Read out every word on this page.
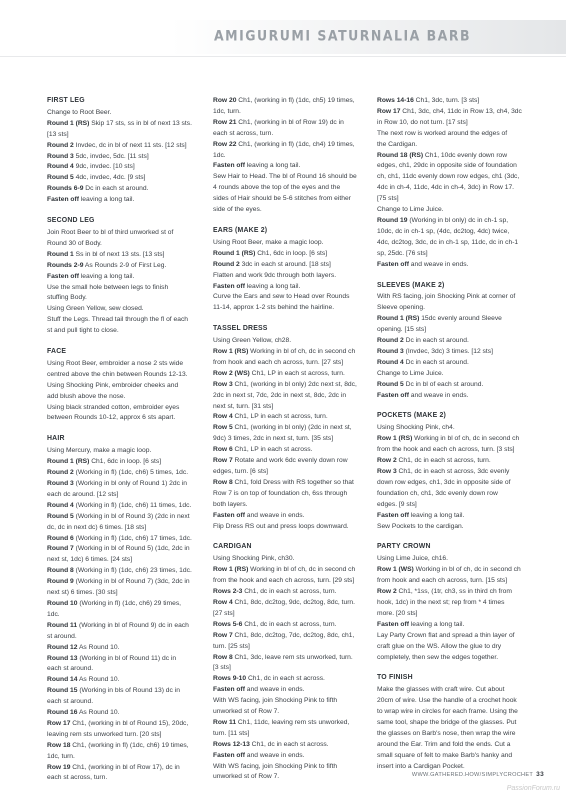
AMIGURUMI SATURNALIA BARB
FIRST LEG
Change to Root Beer.
Round 1 (RS) Skip 17 sts, ss in bl of next 13 sts.
[13 sts]
Round 2 Invdec, dc in bl of next 11 sts. [12 sts]
Round 3 5dc, invdec, 5dc. [11 sts]
Round 4 9dc, invdec. [10 sts]
Round 5 4dc, invdec, 4dc. [9 sts]
Rounds 6-9 Dc in each st around.
Fasten off leaving a long tail.
SECOND LEG
Join Root Beer to bl of third unworked st of
Round 30 of Body.
Round 1 Ss in bl of next 13 sts. [13 sts]
Rounds 2-9 As Rounds 2-9 of First Leg.
Fasten off leaving a long tail.
Use the small hole between legs to finish
stuffing Body.
Using Green Yellow, sew closed.
Stuff the Legs. Thread tail through the fl of each
st and pull tight to close.
FACE
Using Root Beer, embroider a nose 2 sts wide
centred above the chin between Rounds 12-13.
Using Shocking Pink, embroider cheeks and
add blush above the nose.
Using black stranded cotton, embroider eyes
between Rounds 10-12, approx 6 sts apart.
HAIR
Using Mercury, make a magic loop.
Round 1 (RS) Ch1, 6dc in loop. [6 sts]
Round 2 (Working in fl) (1dc, ch6) 5 times, 1dc.
Round 3 (Working in bl only of Round 1) 2dc in
each dc around. [12 sts]
Round 4 (Working in fl) (1dc, ch6) 11 times, 1dc.
Round 5 (Working in bl of Round 3) (2dc in next
dc, dc in next dc) 6 times. [18 sts]
Round 6 (Working in fl) (1dc, ch6) 17 times, 1dc.
Round 7 (Working in bl of Round 5) (1dc, 2dc in
next st, 1dc) 6 times. [24 sts]
Round 8 (Working in fl) (1dc, ch6) 23 times, 1dc.
Round 9 (Working in bl of Round 7) (3dc, 2dc in
next st) 6 times. [30 sts]
Round 10 (Working in fl) (1dc, ch6) 29 times,
1dc.
Round 11 (Working in bl of Round 9) dc in each
st around.
Round 12 As Round 10.
Round 13 (Working in bl of Round 11) dc in
each st around.
Round 14 As Round 10.
Round 15 (Working in bls of Round 13) dc in
each st around.
Round 16 As Round 10.
Row 17 Ch1, (working in bl of Round 15), 20dc,
leaving rem sts unworked turn. [20 sts]
Row 18 Ch1, (working in fl) (1dc, ch6) 19 times,
1dc, turn.
Row 19 Ch1, (working in bl of Row 17), dc in
each st across, turn.
Row 20 Ch1, (working in fl) (1dc, ch5) 19 times,
1dc, turn.
Row 21 Ch1, (working in bl of Row 19) dc in
each st across, turn.
Row 22 Ch1, (working in fl) (1dc, ch4) 19 times,
1dc.
Fasten off leaving a long tail.
Sew Hair to Head. The bl of Round 16 should be
4 rounds above the top of the eyes and the
sides of Hair should be 5-6 stitches from either
side of the eyes.
EARS (MAKE 2)
Using Root Beer, make a magic loop.
Round 1 (RS) Ch1, 6dc in loop. [6 sts]
Round 2 3dc in each st around. [18 sts]
Flatten and work 9dc through both layers.
Fasten off leaving a long tail.
Curve the Ears and sew to Head over Rounds
11-14, approx 1-2 sts behind the hairline.
TASSEL DRESS
Using Green Yellow, ch28.
Row 1 (RS) Working in bl of ch, dc in second ch
from hook and each ch across, turn. [27 sts]
Row 2 (WS) Ch1, LP in each st across, turn.
Row 3 Ch1, (working in bl only) 2dc next st, 8dc,
2dc in next st, 7dc, 2dc in next st, 8dc, 2dc in
next st, turn. [31 sts]
Row 4 Ch1, LP in each st across, turn.
Row 5 Ch1, (working in bl only) (2dc in next st,
9dc) 3 times, 2dc in next st, turn. [35 sts]
Row 6 Ch1, LP in each st across.
Row 7 Rotate and work 6dc evenly down row
edges, turn. [6 sts]
Row 8 Ch1, fold Dress with RS together so that
Row 7 is on top of foundation ch, 6ss through
both layers.
Fasten off and weave in ends.
Flip Dress RS out and press loops downward.
CARDIGAN
Using Shocking Pink, ch30.
Row 1 (RS) Working in bl of ch, dc in second ch
from the hook and each ch across, turn. [29 sts]
Rows 2-3 Ch1, dc in each st across, turn.
Row 4 Ch1, 8dc, dc2tog, 9dc, dc2tog, 8dc, turn.
[27 sts]
Rows 5-6 Ch1, dc in each st across, turn.
Row 7 Ch1, 8dc, dc2tog, 7dc, dc2tog, 8dc, ch1,
turn. [25 sts]
Row 8 Ch1, 3dc, leave rem sts unworked, turn.
[3 sts]
Rows 9-10 Ch1, dc in each st across.
Fasten off and weave in ends.
With WS facing, join Shocking Pink to fifth
unworked st of Row 7.
Row 11 Ch1, 11dc, leaving rem sts unworked,
turn. [11 sts]
Rows 12-13 Ch1, dc in each st across.
Fasten off and weave in ends.
With WS facing, join Shocking Pink to fifth
unworked st of Row 7.
Rows 14-16 Ch1, 3dc, turn. [3 sts]
Row 17 Ch1, 3dc, ch4, 11dc in Row 13, ch4, 3dc
in Row 10, do not turn. [17 sts]
The next row is worked around the edges of
the Cardigan.
Round 18 (RS) Ch1, 10dc evenly down row
edges, ch1, 29dc in opposite side of foundation
ch, ch1, 11dc evenly down row edges, ch1 (3dc,
4dc in ch-4, 11dc, 4dc in ch-4, 3dc) in Row 17.
[75 sts]
Change to Lime Juice.
Round 19 (Working in bl only) dc in ch-1 sp,
10dc, dc in ch-1 sp, (4dc, dc2tog, 4dc) twice,
4dc, dc2tog, 3dc, dc in ch-1 sp, 11dc, dc in ch-1
sp, 25dc. [76 sts]
Fasten off and weave in ends.
SLEEVES (MAKE 2)
With RS facing, join Shocking Pink at corner of
Sleeve opening.
Round 1 (RS) 15dc evenly around Sleeve
opening. [15 sts]
Round 2 Dc in each st around.
Round 3 (Invdec, 3dc) 3 times. [12 sts]
Round 4 Dc in each st around.
Change to Lime Juice.
Round 5 Dc in bl of each st around.
Fasten off and weave in ends.
POCKETS (MAKE 2)
Using Shocking Pink, ch4.
Row 1 (RS) Working in bl of ch, dc in second ch
from the hook and each ch across, turn. [3 sts]
Row 2 Ch1, dc in each st across, turn.
Row 3 Ch1, dc in each st across, 3dc evenly
down row edges, ch1, 3dc in opposite side of
foundation ch, ch1, 3dc evenly down row
edges. [9 sts]
Fasten off leaving a long tail.
Sew Pockets to the cardigan.
PARTY CROWN
Using Lime Juice, ch16.
Row 1 (WS) Working in bl of ch, dc in second ch
from hook and each ch across, turn. [15 sts]
Row 2 Ch1, *1ss, (1tr, ch3, ss in third ch from
hook, 1dc) in the next st; rep from * 4 times
more. [20 sts]
Fasten off leaving a long tail.
Lay Party Crown flat and spread a thin layer of
craft glue on the WS. Allow the glue to dry
completely, then sew the edges together.
TO FINISH
Make the glasses with craft wire. Cut about
20cm of wire. Use the handle of a crochet hook
to wrap wire in circles for each frame. Using the
same tool, shape the bridge of the glasses. Put
the glasses on Barb's nose, then wrap the wire
around the Ear. Trim and fold the ends. Cut a
small square of felt to make Barb's hanky and
insert into a Cardigan Pocket.
WWW.GATHERED.HOW/SIMPLYCROCHET 33
PassionForum.ru
